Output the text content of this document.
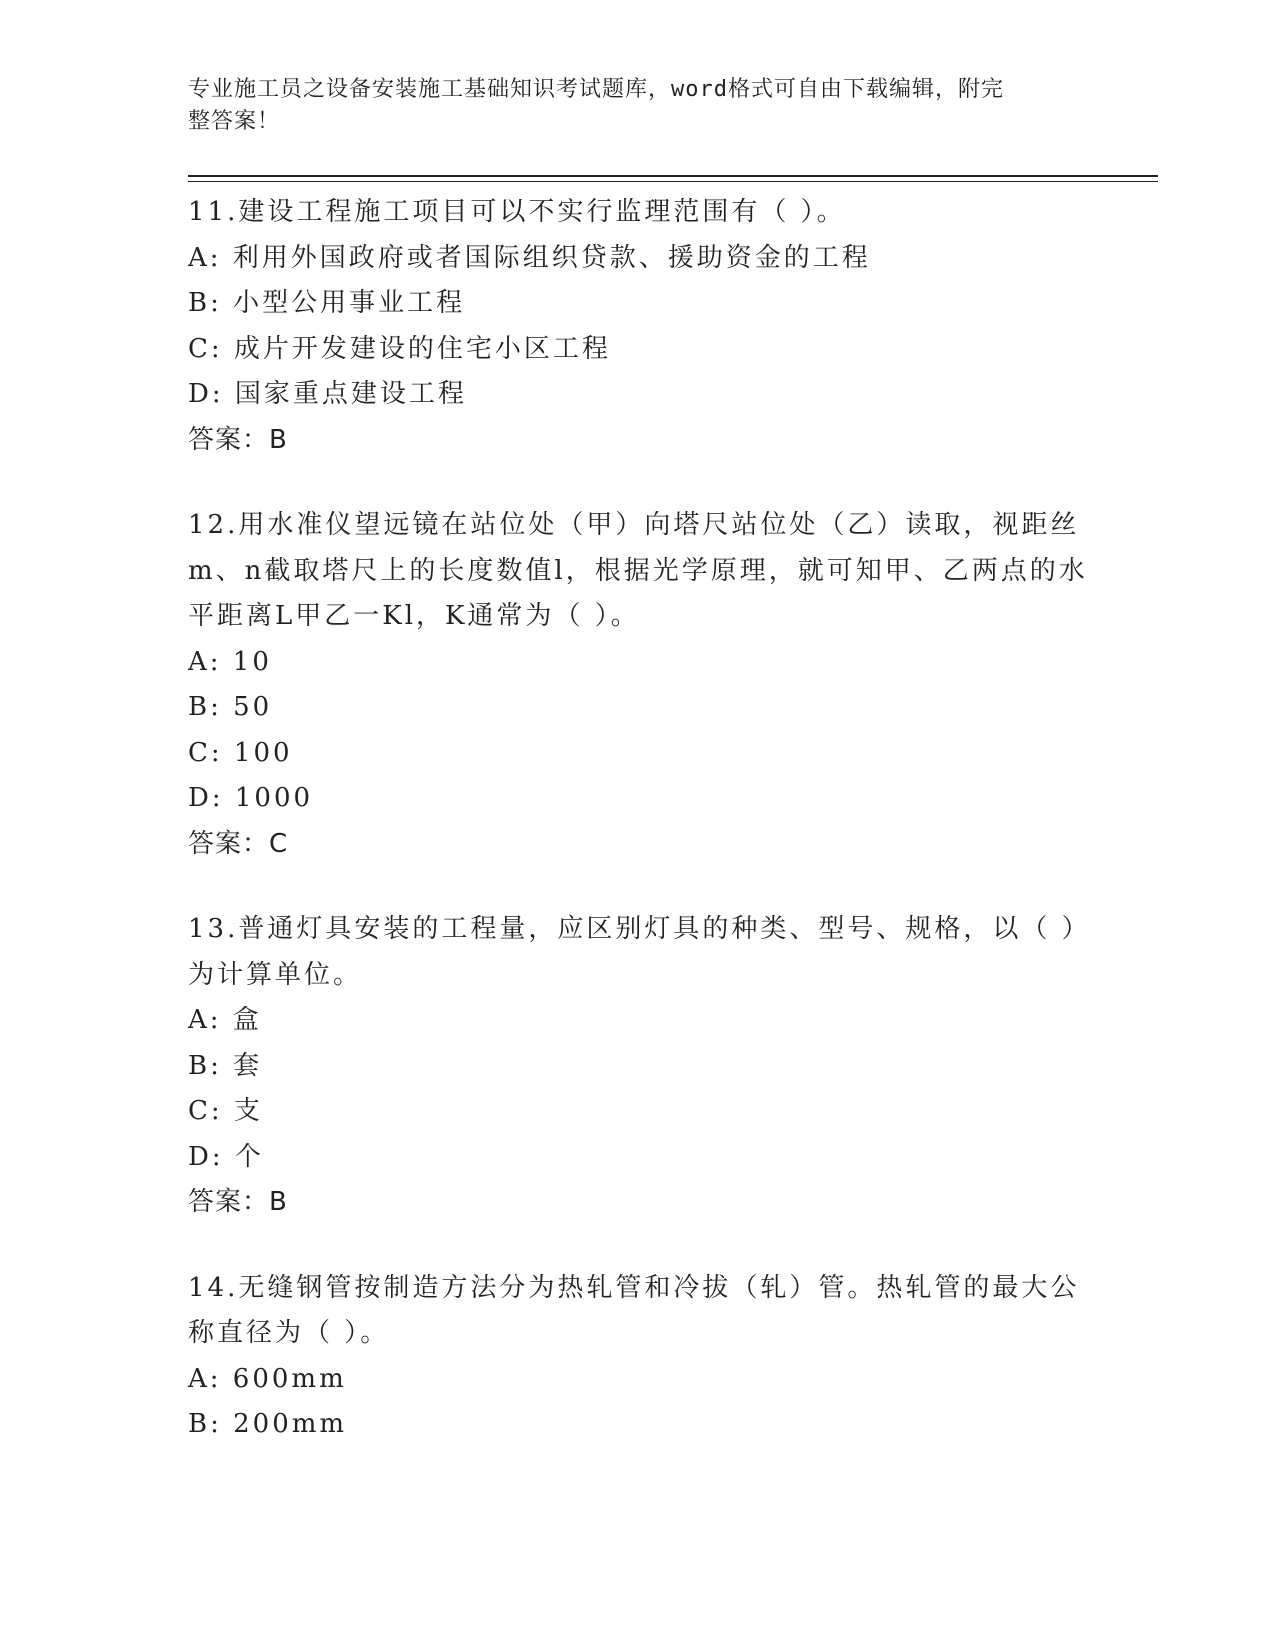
专业施工员之设备安装施工基础知识考试题库，word格式可自由下载编辑，附完
整答案！
11.建设工程施工项目可以不实行监理范围有（ ）。
A: 利用外国政府或者国际组织贷款、援助资金的工程
B: 小型公用事业工程
C: 成片开发建设的住宅小区工程
D: 国家重点建设工程
答案：B
12.用水准仪望远镜在站位处（甲）向塔尺站位处（乙）读取，视距丝m、n截取塔尺上的长度数值l，根据光学原理，就可知甲、乙两点的水平距离L甲乙一Kl，K通常为（ ）。
A: 10
B: 50
C: 100
D: 1000
答案：C
13.普通灯具安装的工程量，应区别灯具的种类、型号、规格，以（ ）为计算单位。
A: 盒
B: 套
C: 支
D: 个
答案：B
14.无缝钢管按制造方法分为热轧管和冷拔（轧）管。热轧管的最大公称直径为（ ）。
A: 600mm
B: 200mm
